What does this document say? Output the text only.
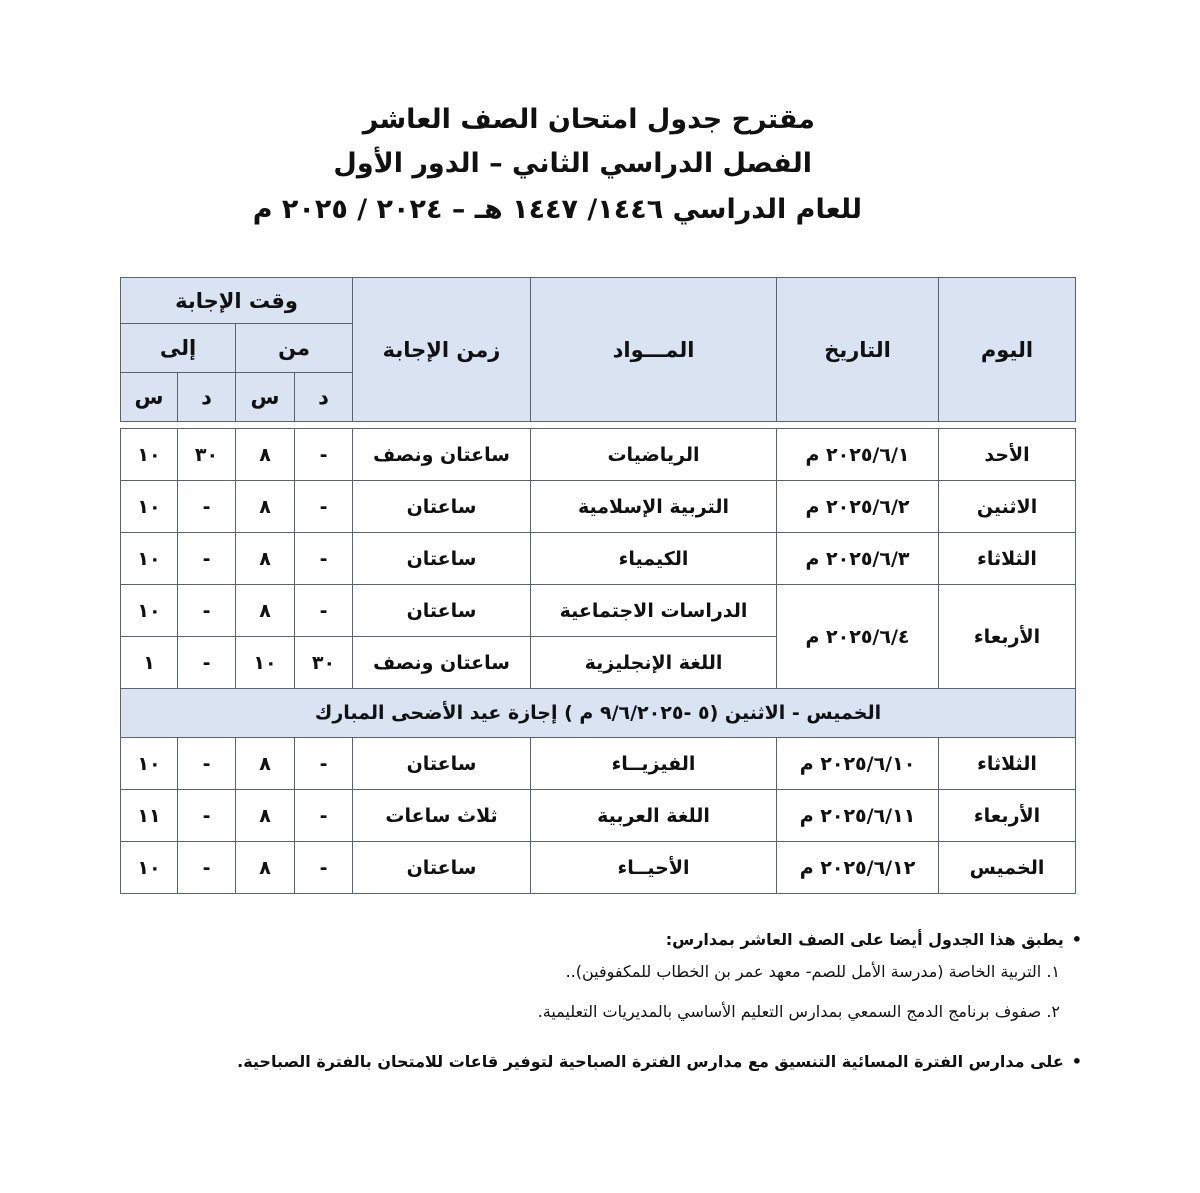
مقترح جدول امتحان الصف العاشر
الفصل الدراسي الثاني – الدور الأول
للعام الدراسي ١٤٤٦/ ١٤٤٧ هـ – ٢٠٢٤ / ٢٠٢٥ م
اليوم	التاريخ	المـــواد	زمن الإجابة	وقت الإجابة			
				من		إلى	
				د	س	د	س

الأحد	٢٠٢٥/٦/١ م	الرياضيات	ساعتان ونصف	-	٨	٣٠	١٠
الاثنين	٢٠٢٥/٦/٢ م	التربية الإسلامية	ساعتان	-	٨	-	١٠
الثلاثاء	٢٠٢٥/٦/٣ م	الكيمياء	ساعتان	-	٨	-	١٠
الأربعاء	٢٠٢٥/٦/٤ م	الدراسات الاجتماعية	ساعتان	-	٨	-	١٠
		اللغة الإنجليزية	ساعتان ونصف	٣٠	١٠	-	١
الخميس - الاثنين (٥ -٩/٦/٢٠٢٥ م ) إجازة عيد الأضحى المبارك							
الثلاثاء	٢٠٢٥/٦/١٠ م	الفيزيــاء	ساعتان	-	٨	-	١٠
الأربعاء	٢٠٢٥/٦/١١ م	اللغة العربية	ثلاث ساعات	-	٨	-	١١
الخميس	٢٠٢٥/٦/١٢ م	الأحيــاء	ساعتان	-	٨	-	١٠
•يطبق هذا الجدول أيضا على الصف العاشر بمدارس:
١. التربية الخاصة (مدرسة الأمل للصم- معهد عمر بن الخطاب للمكفوفين)..
٢. صفوف برنامج الدمج السمعي بمدارس التعليم الأساسي بالمديريات التعليمية.
•على مدارس الفترة المسائية التنسيق مع مدارس الفترة الصباحية لتوفير قاعات للامتحان بالفترة الصباحية.
